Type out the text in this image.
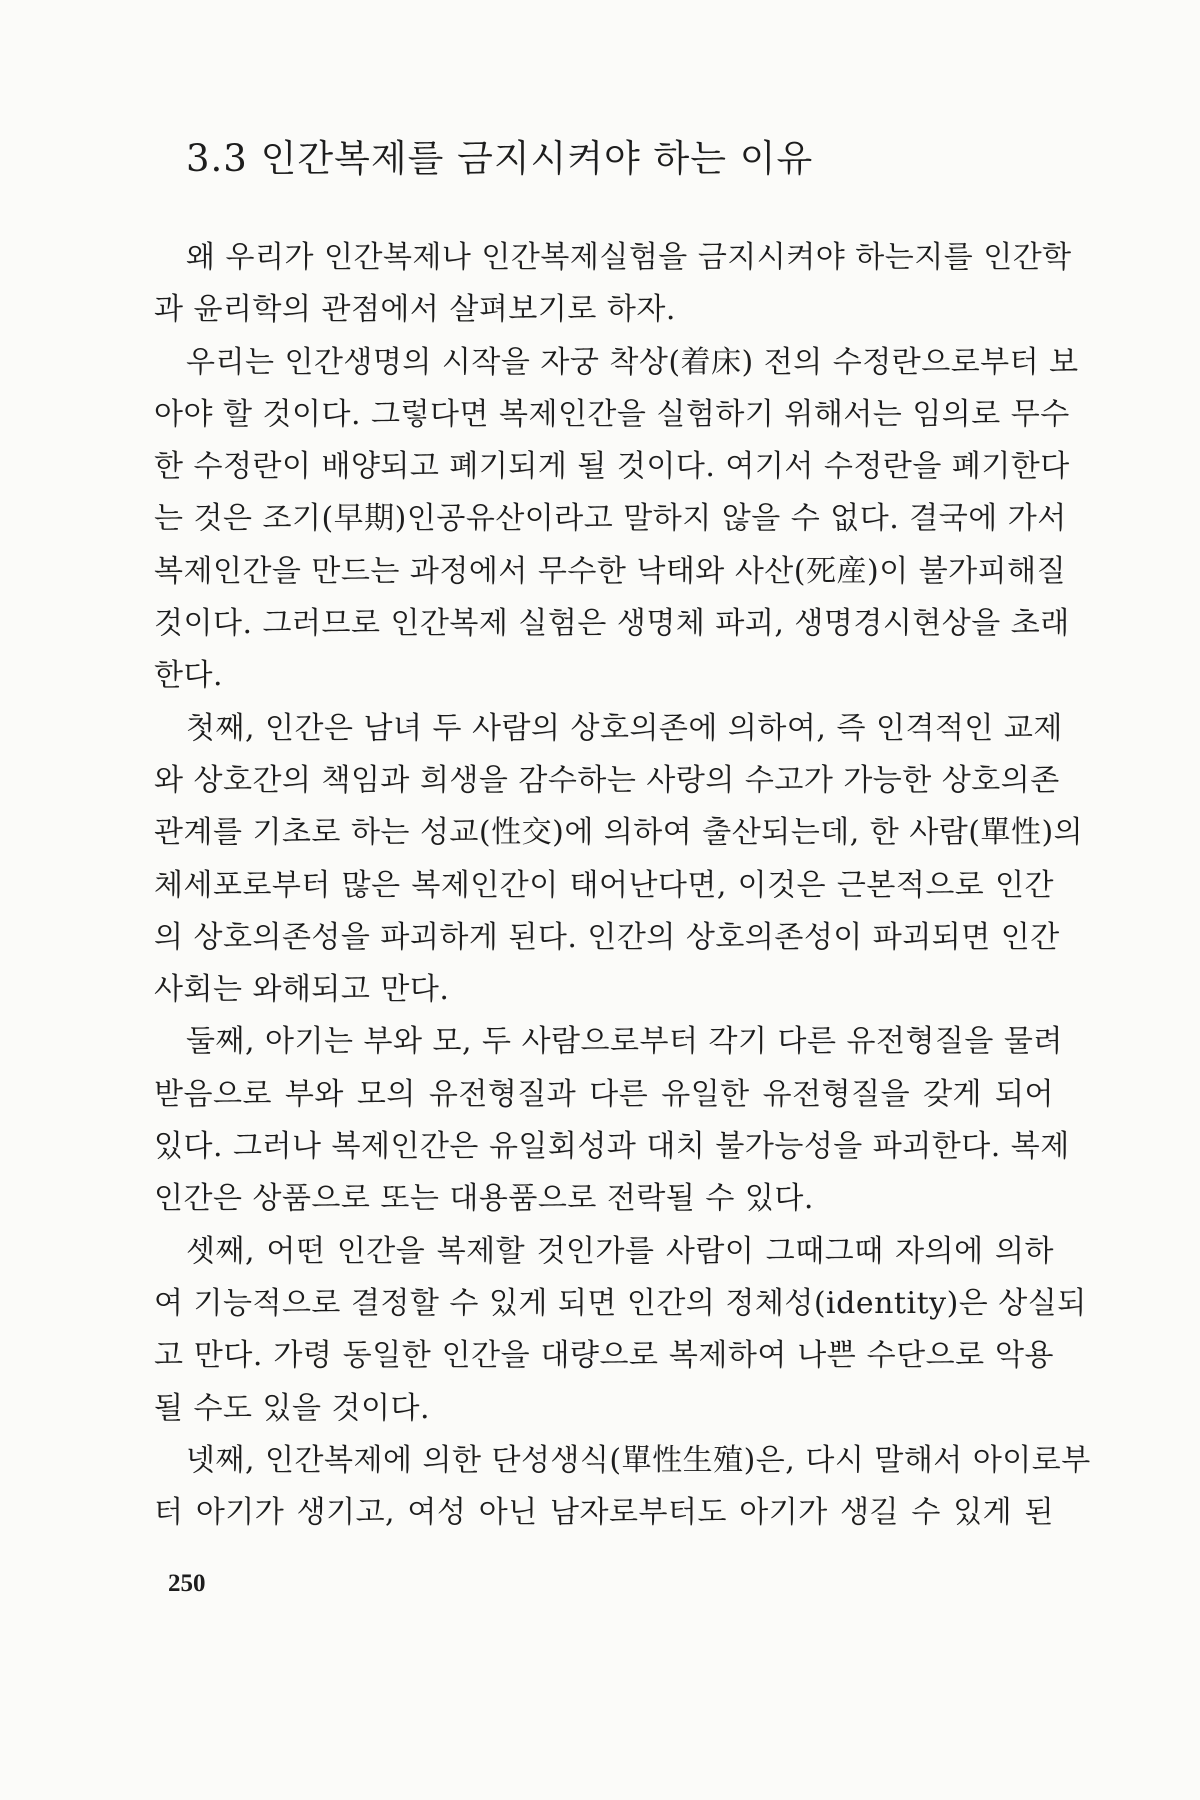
3.3 인간복제를 금지시켜야 하는 이유
왜 우리가 인간복제나 인간복제실험을 금지시켜야 하는지를 인간학
과 윤리학의 관점에서 살펴보기로 하자.
우리는 인간생명의 시작을 자궁 착상(着床) 전의 수정란으로부터 보
아야 할 것이다. 그렇다면 복제인간을 실험하기 위해서는 임의로 무수
한 수정란이 배양되고 폐기되게 될 것이다. 여기서 수정란을 폐기한다
는 것은 조기(早期)인공유산이라고 말하지 않을 수 없다. 결국에 가서
복제인간을 만드는 과정에서 무수한 낙태와 사산(死産)이 불가피해질
것이다. 그러므로 인간복제 실험은 생명체 파괴, 생명경시현상을 초래
한다.
첫째, 인간은 남녀 두 사람의 상호의존에 의하여, 즉 인격적인 교제
와 상호간의 책임과 희생을 감수하는 사랑의 수고가 가능한 상호의존
관계를 기초로 하는 성교(性交)에 의하여 출산되는데, 한 사람(單性)의
체세포로부터 많은 복제인간이 태어난다면, 이것은 근본적으로 인간
의 상호의존성을 파괴하게 된다. 인간의 상호의존성이 파괴되면 인간
사회는 와해되고 만다.
둘째, 아기는 부와 모, 두 사람으로부터 각기 다른 유전형질을 물려
받음으로 부와 모의 유전형질과 다른 유일한 유전형질을 갖게 되어
있다. 그러나 복제인간은 유일회성과 대치 불가능성을 파괴한다. 복제
인간은 상품으로 또는 대용품으로 전락될 수 있다.
셋째, 어떤 인간을 복제할 것인가를 사람이 그때그때 자의에 의하
여 기능적으로 결정할 수 있게 되면 인간의 정체성(identity)은 상실되
고 만다. 가령 동일한 인간을 대량으로 복제하여 나쁜 수단으로 악용
될 수도 있을 것이다.
넷째, 인간복제에 의한 단성생식(單性生殖)은, 다시 말해서 아이로부
터 아기가 생기고, 여성 아닌 남자로부터도 아기가 생길 수 있게 된
250
